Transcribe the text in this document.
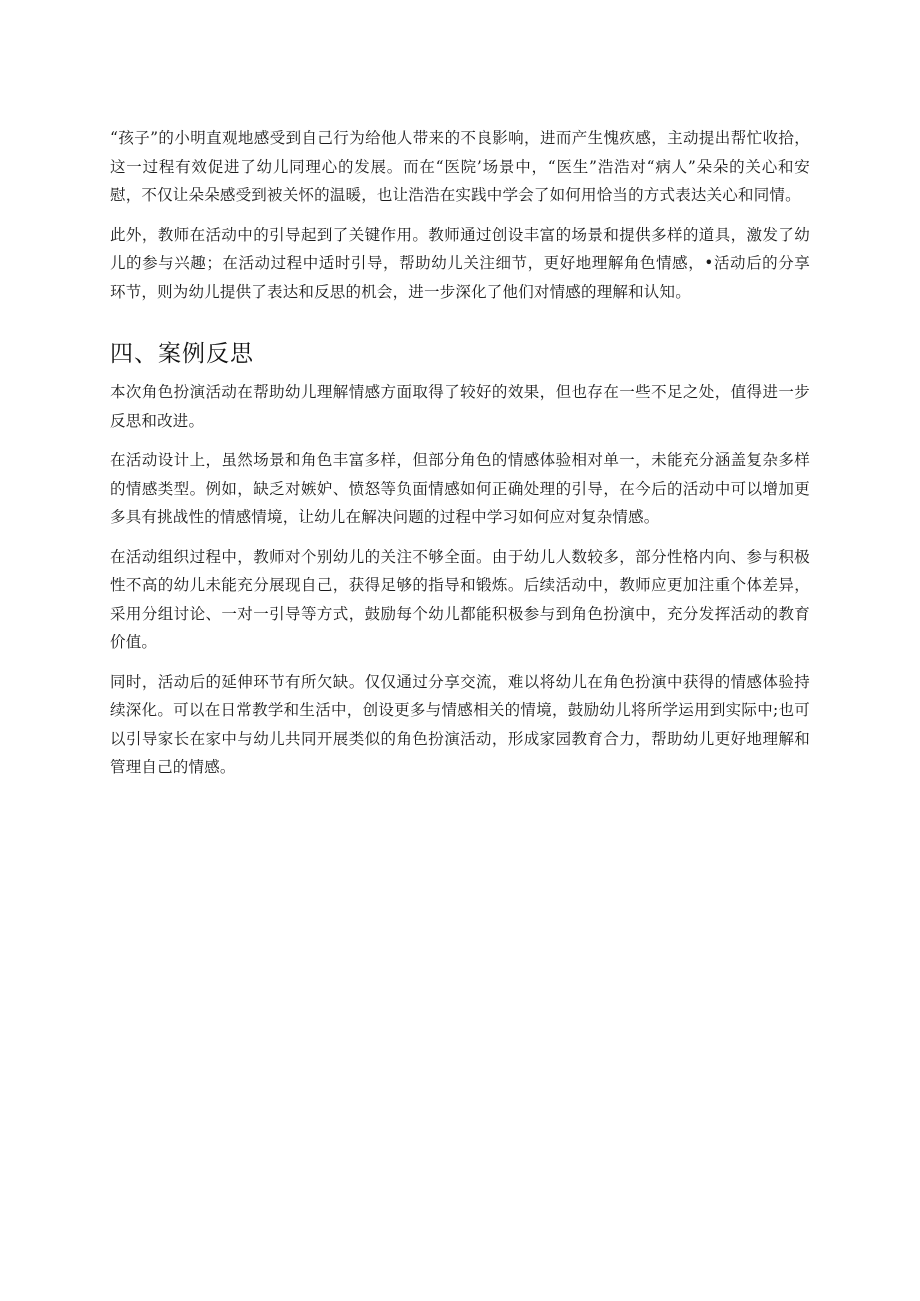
“孩子”的小明直观地感受到自己行为给他人带来的不良影响，进而产生愧疚感，主动提出帮忙收拾，这一过程有效促进了幼儿同理心的发展。而在“医院’场景中，“医生”浩浩对“病人”朵朵的关心和安慰，不仅让朵朵感受到被关怀的温暖，也让浩浩在实践中学会了如何用恰当的方式表达关心和同情。

此外，教师在活动中的引导起到了关键作用。教师通过创设丰富的场景和提供多样的道具，激发了幼儿的参与兴趣；在活动过程中适时引导，帮助幼儿关注细节，更好地理解角色情感，•活动后的分享环节，则为幼儿提供了表达和反思的机会，进一步深化了他们对情感的理解和认知。

四、案例反思

本次角色扮演活动在帮助幼儿理解情感方面取得了较好的效果，但也存在一些不足之处，值得进一步反思和改进。

在活动设计上，虽然场景和角色丰富多样，但部分角色的情感体验相对单一，未能充分涵盖复杂多样的情感类型。例如，缺乏对嫉妒、愤怒等负面情感如何正确处理的引导，在今后的活动中可以增加更多具有挑战性的情感情境，让幼儿在解决问题的过程中学习如何应对复杂情感。

在活动组织过程中，教师对个别幼儿的关注不够全面。由于幼儿人数较多，部分性格内向、参与积极性不高的幼儿未能充分展现自己，获得足够的指导和锻炼。后续活动中，教师应更加注重个体差异，采用分组讨论、一对一引导等方式，鼓励每个幼儿都能积极参与到角色扮演中，充分发挥活动的教育价值。

同时，活动后的延伸环节有所欠缺。仅仅通过分享交流，难以将幼儿在角色扮演中获得的情感体验持续深化。可以在日常教学和生活中，创设更多与情感相关的情境，鼓励幼儿将所学运用到实际中;也可以引导家长在家中与幼儿共同开展类似的角色扮演活动，形成家园教育合力，帮助幼儿更好地理解和管理自己的情感。
